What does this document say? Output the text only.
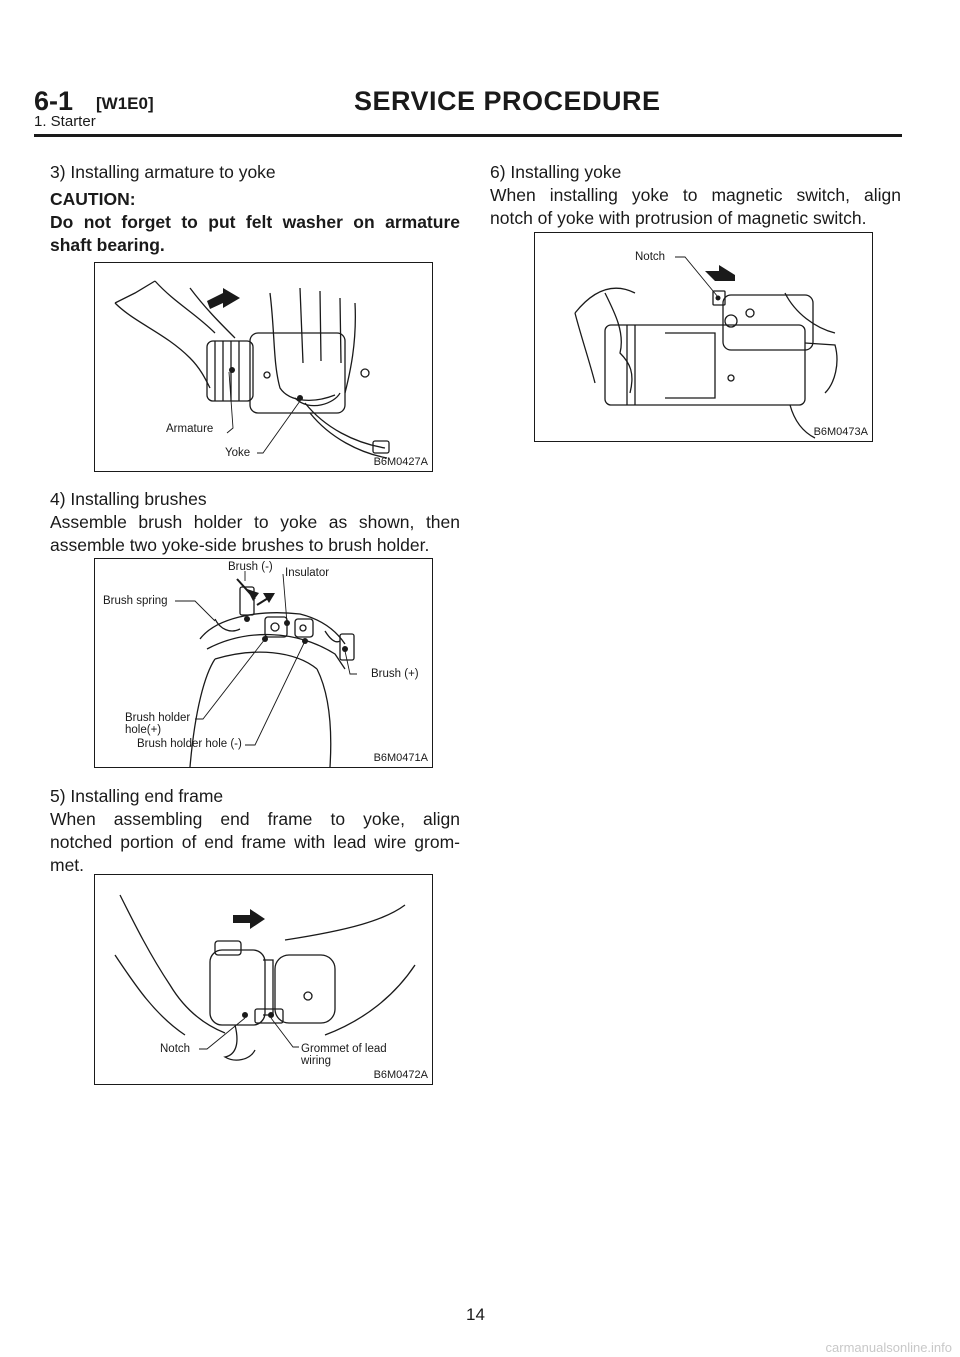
6-1 [W1E0]	SERVICE PROCEDURE
1. Starter
3) Installing armature to yoke
CAUTION:
Do not forget to put felt washer on armature
shaft bearing.
Armature
Yoke
B6M0427A
4) Installing brushes
Assemble brush holder to yoke as shown, then
assemble two yoke-side brushes to brush holder.
Brush (-) Insulator
Brush spring
Brush (+)
Brush holder
hole(+)
Brush holder hole (-)
B6M0471A
5) Installing end frame
When assembling end frame to yoke, align
notched portion of end frame with lead wire grom-
met.
Notch	Grommet of lead
wiring
B6M0472A
6) Installing yoke
When installing yoke to magnetic switch, align
notch of yoke with protrusion of magnetic switch.
Notch
B6M0473A
14
carmanualsonline.info
